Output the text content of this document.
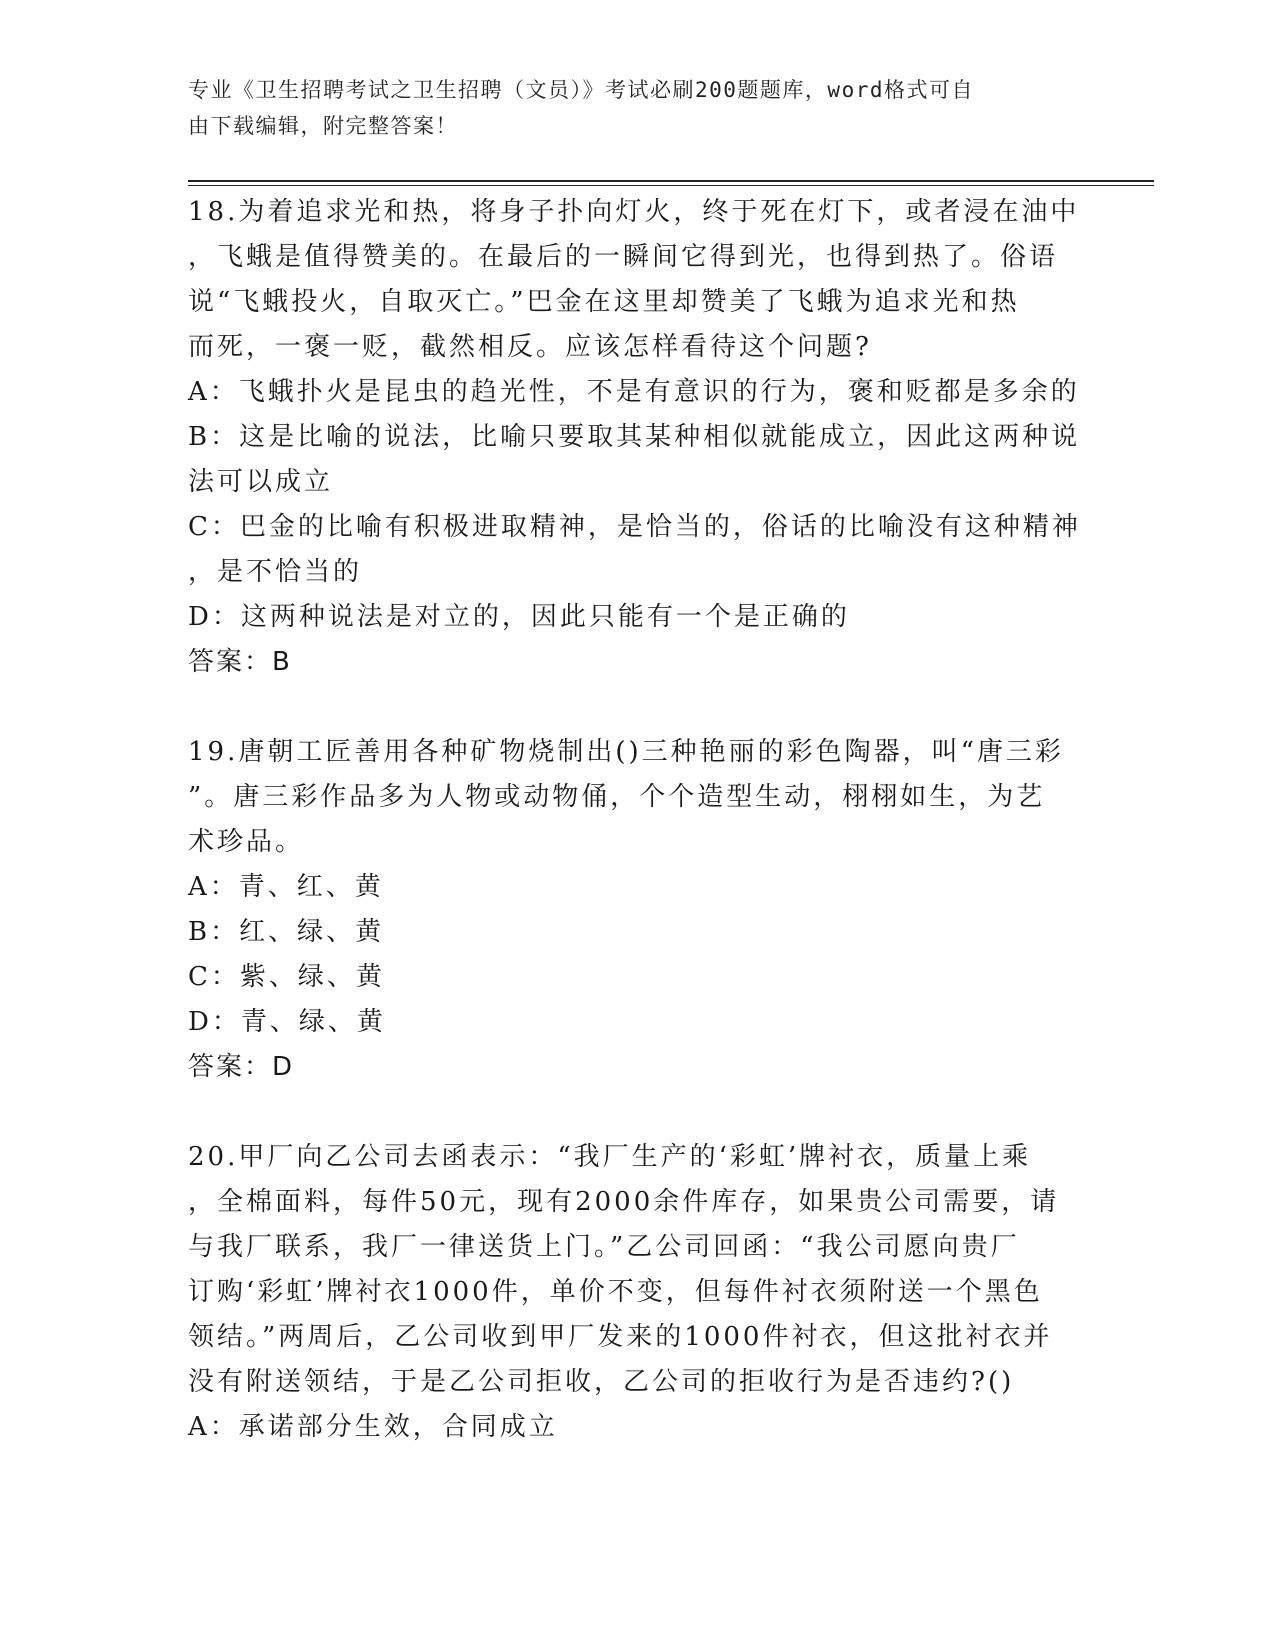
专业《卫生招聘考试之卫生招聘（文员）》考试必刷200题题库，word格式可自
由下载编辑，附完整答案！
18.为着追求光和热，将身子扑向灯火，终于死在灯下，或者浸在油中
，飞蛾是值得赞美的。在最后的一瞬间它得到光，也得到热了。俗语
说“飞蛾投火，自取灭亡。”巴金在这里却赞美了飞蛾为追求光和热
而死，一褒一贬，截然相反。应该怎样看待这个问题?
A：飞蛾扑火是昆虫的趋光性，不是有意识的行为，褒和贬都是多余的
B：这是比喻的说法，比喻只要取其某种相似就能成立，因此这两种说
法可以成立
C：巴金的比喻有积极进取精神，是恰当的，俗话的比喻没有这种精神
，是不恰当的
D：这两种说法是对立的，因此只能有一个是正确的
答案：B
19.唐朝工匠善用各种矿物烧制出()三种艳丽的彩色陶器，叫“唐三彩
”。唐三彩作品多为人物或动物俑，个个造型生动，栩栩如生，为艺
术珍品。
A：青、红、黄
B：红、绿、黄
C：紫、绿、黄
D：青、绿、黄
答案：D
20.甲厂向乙公司去函表示：“我厂生产的‘彩虹’牌衬衣，质量上乘
，全棉面料，每件50元，现有2000余件库存，如果贵公司需要，请
与我厂联系，我厂一律送货上门。”乙公司回函：“我公司愿向贵厂
订购‘彩虹’牌衬衣1000件，单价不变，但每件衬衣须附送一个黑色
领结。”两周后，乙公司收到甲厂发来的1000件衬衣，但这批衬衣并
没有附送领结，于是乙公司拒收，乙公司的拒收行为是否违约?()
A：承诺部分生效，合同成立
